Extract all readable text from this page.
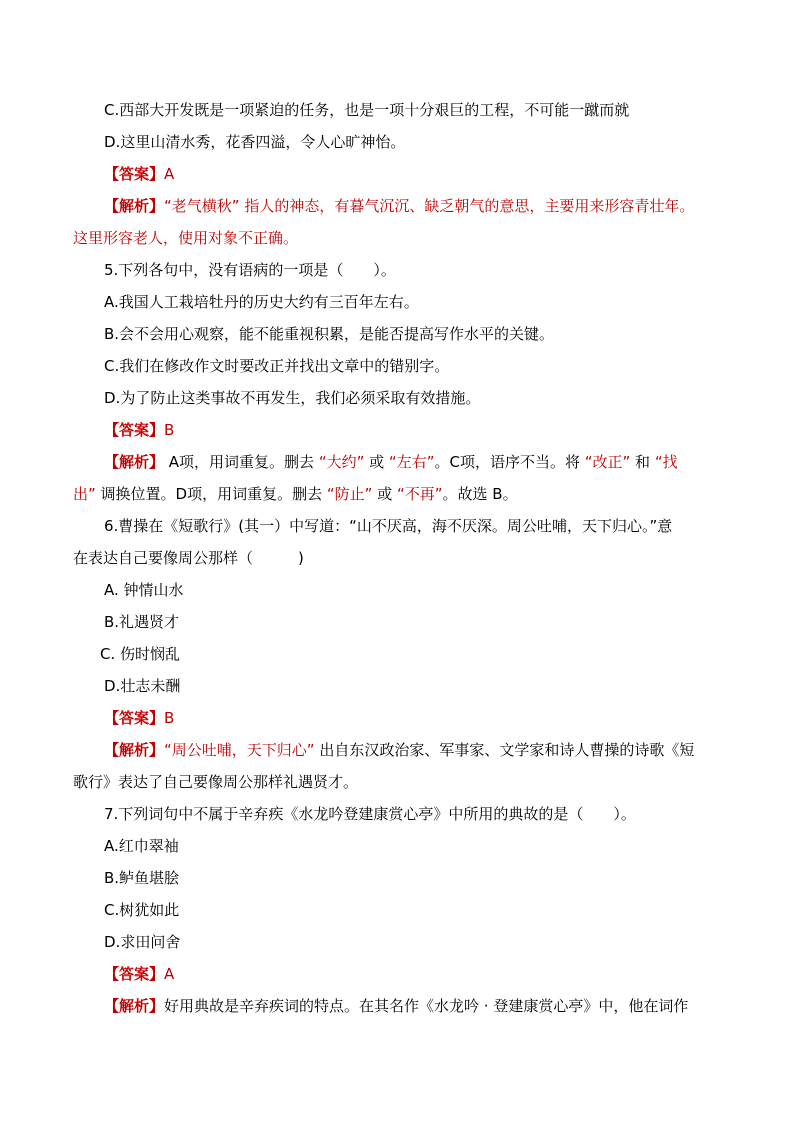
C.西部大开发既是一项紧迫的任务，也是一项十分艰巨的工程，不可能一蹴而就
D.这里山清水秀，花香四溢，令人心旷神怡。
【答案】A
【解析】“老气横秋” 指人的神态，有暮气沉沉、缺乏朝气的意思，主要用来形容青壮年。
这里形容老人，使用对象不正确。
5.下列各句中，没有语病的一项是（　　）。
A.我国人工栽培牡丹的历史大约有三百年左右。
B.会不会用心观察，能不能重视积累，是能否提高写作水平的关键。
C.我们在修改作文时要改正并找出文章中的错别字。
D.为了防止这类事故不再发生，我们必须采取有效措施。
【答案】B
【解析】 A项，用词重复。删去 “大约” 或 “左右”。C项，语序不当。将 “改正” 和 “找
出” 调换位置。D项，用词重复。删去 “防止” 或 “不再”。故选 B。
6.曹操在《短歌行》(其一）中写道：“山不厌高，海不厌深。周公吐哺，天下归心。”意
在表达自己要像周公那样（　　　)
A. 钟情山水
B.礼遇贤才
C. 伤时悯乱
D.壮志未酬
【答案】B
【解析】“周公吐哺，天下归心” 出自东汉政治家、军事家、文学家和诗人曹操的诗歌《短
歌行》表达了自己要像周公那样礼遇贤才。
7.下列词句中不属于辛弃疾《水龙吟登建康赏心亭》中所用的典故的是（　　）。
A.红巾翠袖
B.鲈鱼堪脍
C.树犹如此
D.求田问舍
【答案】A
【解析】好用典故是辛弃疾词的特点。在其名作《水龙吟 · 登建康赏心亭》中，他在词作
